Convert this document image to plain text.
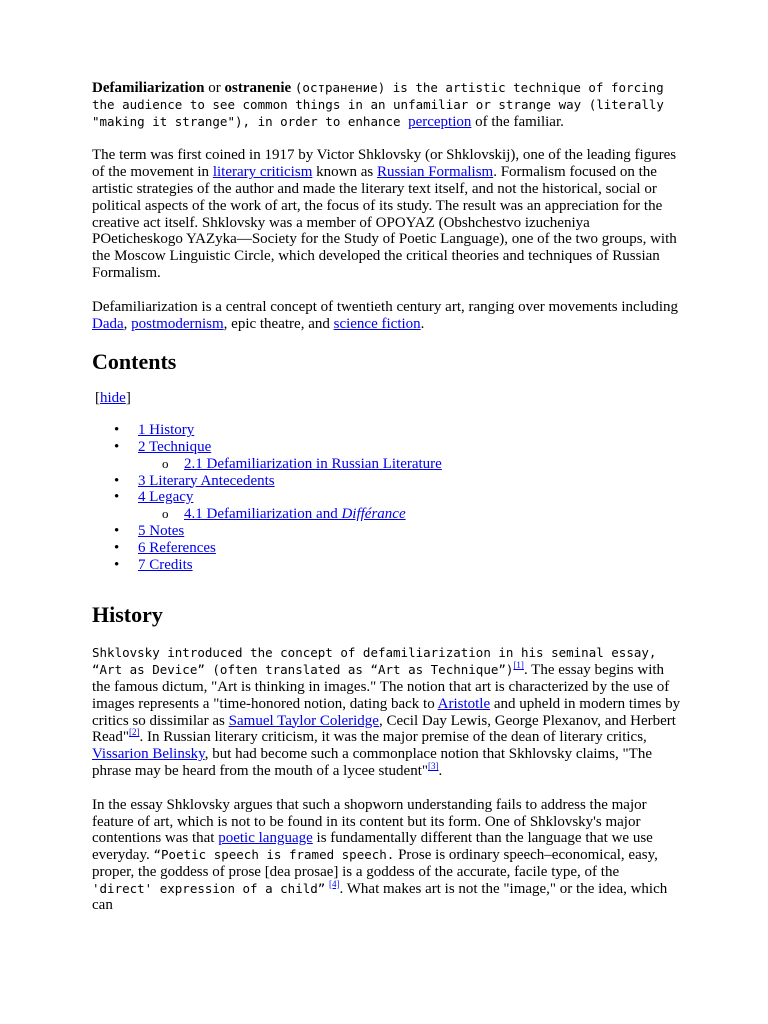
Defamiliarization or ostranenie (остранение) is the artistic technique of forcing the audience to see common things in an unfamiliar or strange way (literally "making it strange"), in order to enhance perception of the familiar.

The term was first coined in 1917 by Victor Shklovsky (or Shklovskij), one of the leading figures of the movement in literary criticism known as Russian Formalism. Formalism focused on the artistic strategies of the author and made the literary text itself, and not the historical, social or political aspects of the work of art, the focus of its study. The result was an appreciation for the creative act itself. Shklovsky was a member of OPOYAZ (Obshchestvo izucheniya POeticheskogo YAZyka—Society for the Study of Poetic Language), one of the two groups, with the Moscow Linguistic Circle, which developed the critical theories and techniques of Russian Formalism.

Defamiliarization is a central concept of twentieth century art, ranging over movements including Dada, postmodernism, epic theatre, and science fiction.

Contents
[hide]
• 1 History
• 2 Technique
o 2.1 Defamiliarization in Russian Literature
• 3 Literary Antecedents
• 4 Legacy
o 4.1 Defamiliarization and Différance
• 5 Notes
• 6 References
• 7 Credits
History

Shklovsky introduced the concept of defamiliarization in his seminal essay, “Art as Device” (often translated as “Art as Technique”)[1]. The essay begins with the famous dictum, "Art is thinking in images." The notion that art is characterized by the use of images represents a "time-honored notion, dating back to Aristotle and upheld in modern times by critics so dissimilar as Samuel Taylor Coleridge, Cecil Day Lewis, George Plexanov, and Herbert Read"[2]. In Russian literary criticism, it was the major premise of the dean of literary critics, Vissarion Belinsky, but had become such a commonplace notion that Skhlovsky claims, "The phrase may be heard from the mouth of a lycee student"[3].

In the essay Shklovsky argues that such a shopworn understanding fails to address the major feature of art, which is not to be found in its content but its form. One of Shklovsky's major contentions was that poetic language is fundamentally different than the language that we use everyday. “Poetic speech is framed speech. Prose is ordinary speech–economical, easy, proper, the goddess of prose [dea prosae] is a goddess of the accurate, facile type, of the 'direct' expression of a child” [4]. What makes art is not the "image," or the idea, which can
